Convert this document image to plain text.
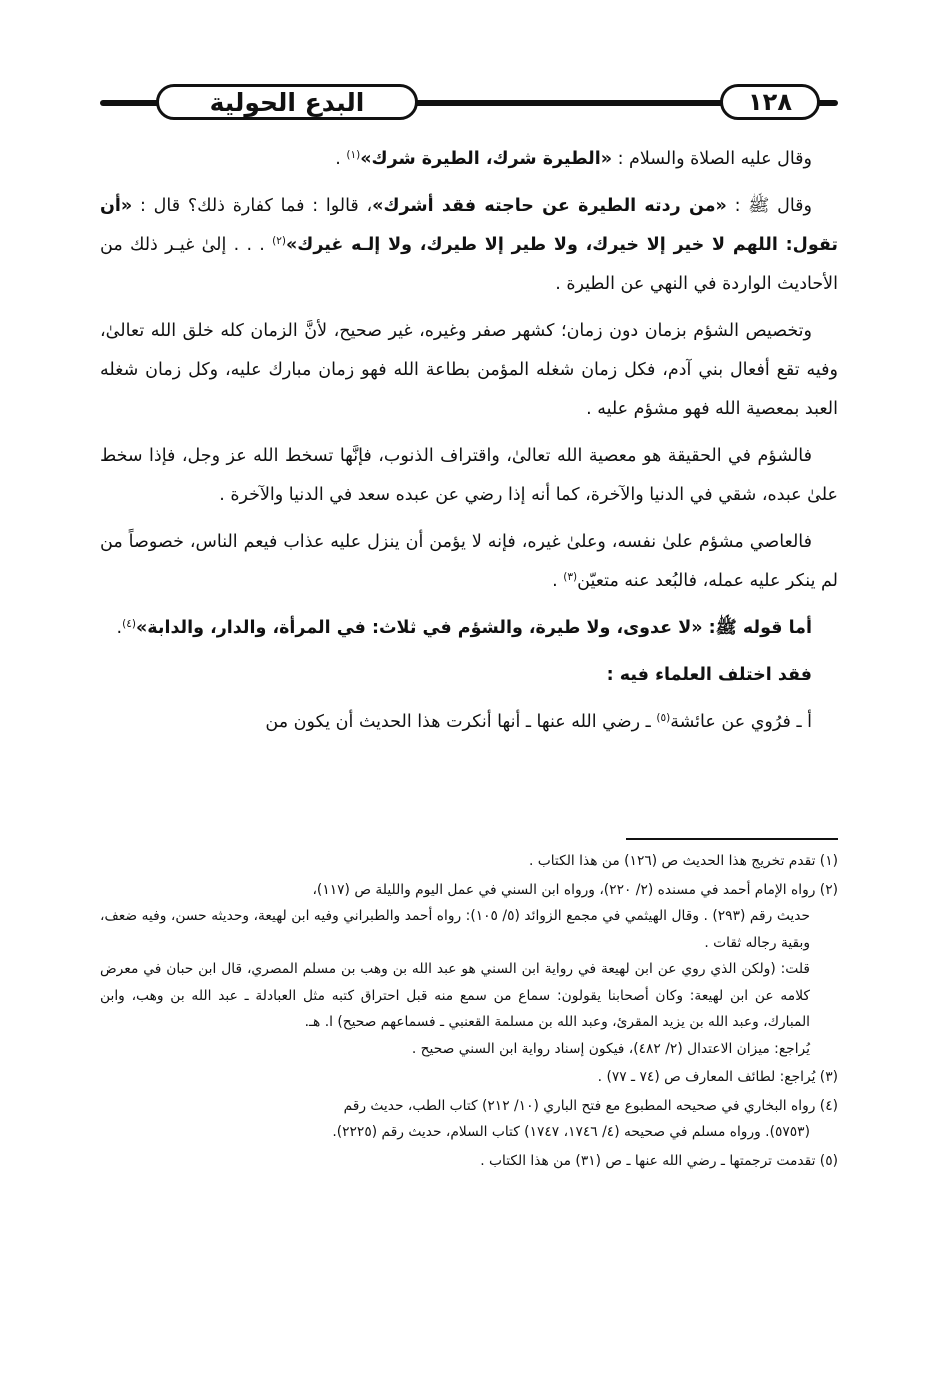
البدع الحولية	١٢٨

وقال عليه الصلاة والسلام : «الطيرة شرك، الطيرة شرك»$^{(١)}$ .

وقال ﷺ : «من ردته الطيرة عن حاجته فقد أشرك»، قالوا : فما كفارة ذلك؟ قال : «أن تقول: اللهم لا خير إلا خيرك، ولا طير إلا طيرك، ولا إلـه غيرك»$^{(٢)}$ . . . إلىٰ غيـر ذلك من الأحاديث الواردة في النهي عن الطيرة .

وتخصيص الشؤم بزمان دون زمان؛ كشهر صفر وغيره، غير صحيح، لأنَّ الزمان كله خلق الله تعالىٰ، وفيه تقع أفعال بني آدم، فكل زمان شغله المؤمن بطاعة الله فهو زمان مبارك عليه، وكل زمان شغله العبد بمعصية الله فهو مشؤم عليه .

فالشؤم في الحقيقة هو معصية الله تعالىٰ، واقتراف الذنوب، فإنَّها تسخط الله عز وجل، فإذا سخط علىٰ عبده، شقي في الدنيا والآخرة، كما أنه إذا رضي عن عبده سعد في الدنيا والآخرة .

فالعاصي مشؤم علىٰ نفسه، وعلىٰ غيره، فإنه لا يؤمن أن ينزل عليه عذاب فيعم الناس، خصوصاً من لم ينكر عليه عمله، فالبُعد عنه متعيّن$^{(٣)}$ .

أما قوله ﷺ: «لا عدوى، ولا طيرة، والشؤم في ثلاث: في المرأة، والدار، والدابة»$^{(٤)}$.

فقد اختلف العلماء فيه :

أ ـ فرُوي عن عائشة$^{(٥)}$ ـ رضي الله عنها ـ أنها أنكرت هذا الحديث أن يكون من

(١) تقدم تخريج هذا الحديث ص (١٢٦) من هذا الكتاب .

(٢) رواه الإمام أحمد في مسنده (٢/ ٢٢٠)، ورواه ابن السني في عمل اليوم والليلة ص (١١٧)،

حديث رقم (٢٩٣) . وقال الهيثمي في مجمع الزوائد (٥/ ١٠٥): رواه أحمد والطبراني وفيه ابن لهيعة، وحديثه حسن، وفيه ضعف، وبقية رجاله ثقات .

قلت: (ولكن الذي روي عن ابن لهيعة في رواية ابن السني هو عبد الله بن وهب بن مسلم المصري، قال ابن حبان في معرض كلامه عن ابن لهيعة: وكان أصحابنا يقولون: سماع من سمع منه قبل احتراق كتبه مثل العبادلة ـ عبد الله بن وهب، وابن المبارك، وعبد الله بن يزيد المقرئ، وعبد الله بن مسلمة القعنبي ـ فسماعهم صحيح) ا. هـ.

يُراجع: ميزان الاعتدال (٢/ ٤٨٢)، فيكون إسناد رواية ابن السني صحيح .

(٣) يُراجع: لطائف المعارف ص (٧٤ ـ ٧٧) .

(٤) رواه البخاري في صحيحه المطبوع مع فتح الباري (١٠/ ٢١٢) كتاب الطب، حديث رقم

(٥٧٥٣). ورواه مسلم في صحيحه (٤/ ١٧٤٦، ١٧٤٧) كتاب السلام، حديث رقم (٢٢٢٥).

(٥) تقدمت ترجمتها ـ رضي الله عنها ـ ص (٣١) من هذا الكتاب .
